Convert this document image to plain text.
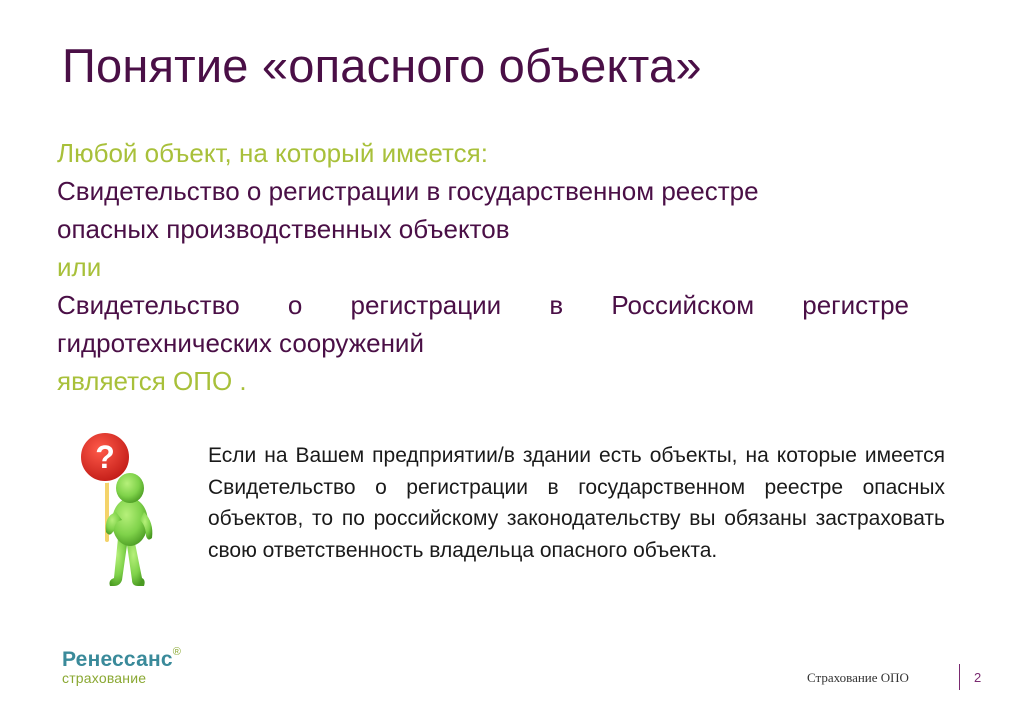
Понятие «опасного объекта»
Любой объект, на который имеется:
Свидетельство о регистрации в государственном реестре
опасных производственных объектов
или
Свидетельство о регистрации в Российском регистре
гидротехнических сооружений
является ОПО .
?	Если на Вашем предприятии/в здании есть объекты, на которые имеется Свидетельство о регистрации в государственном реестре опасных объектов, то по российскому законодательству вы обязаны застраховать свою ответственность владельца опасного объекта.
Ренессанс®
страхование	Страхование ОПО	2
